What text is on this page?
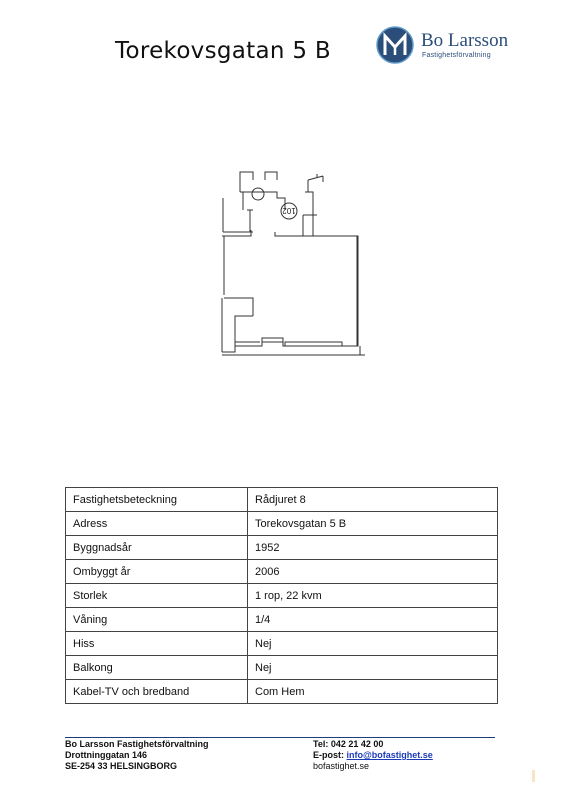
Torekovsgatan 5 B	Bo Larsson
Fastighetsförvaltning
102
Fastighetsbeteckning	Rådjuret 8
Adress	Torekovsgatan 5 B
Byggnadsår	1952
Ombyggt år	2006
Storlek	1 rop, 22 kvm
Våning	1/4
Hiss	Nej
Balkong	Nej
Kabel-TV och bredband	Com Hem
Bo Larsson Fastighetsförvaltning
Drottninggatan 146
SE-254 33 HELSINGBORG
Tel: 042 21 42 00
E-post: info@bofastighet.se
bofastighet.se
